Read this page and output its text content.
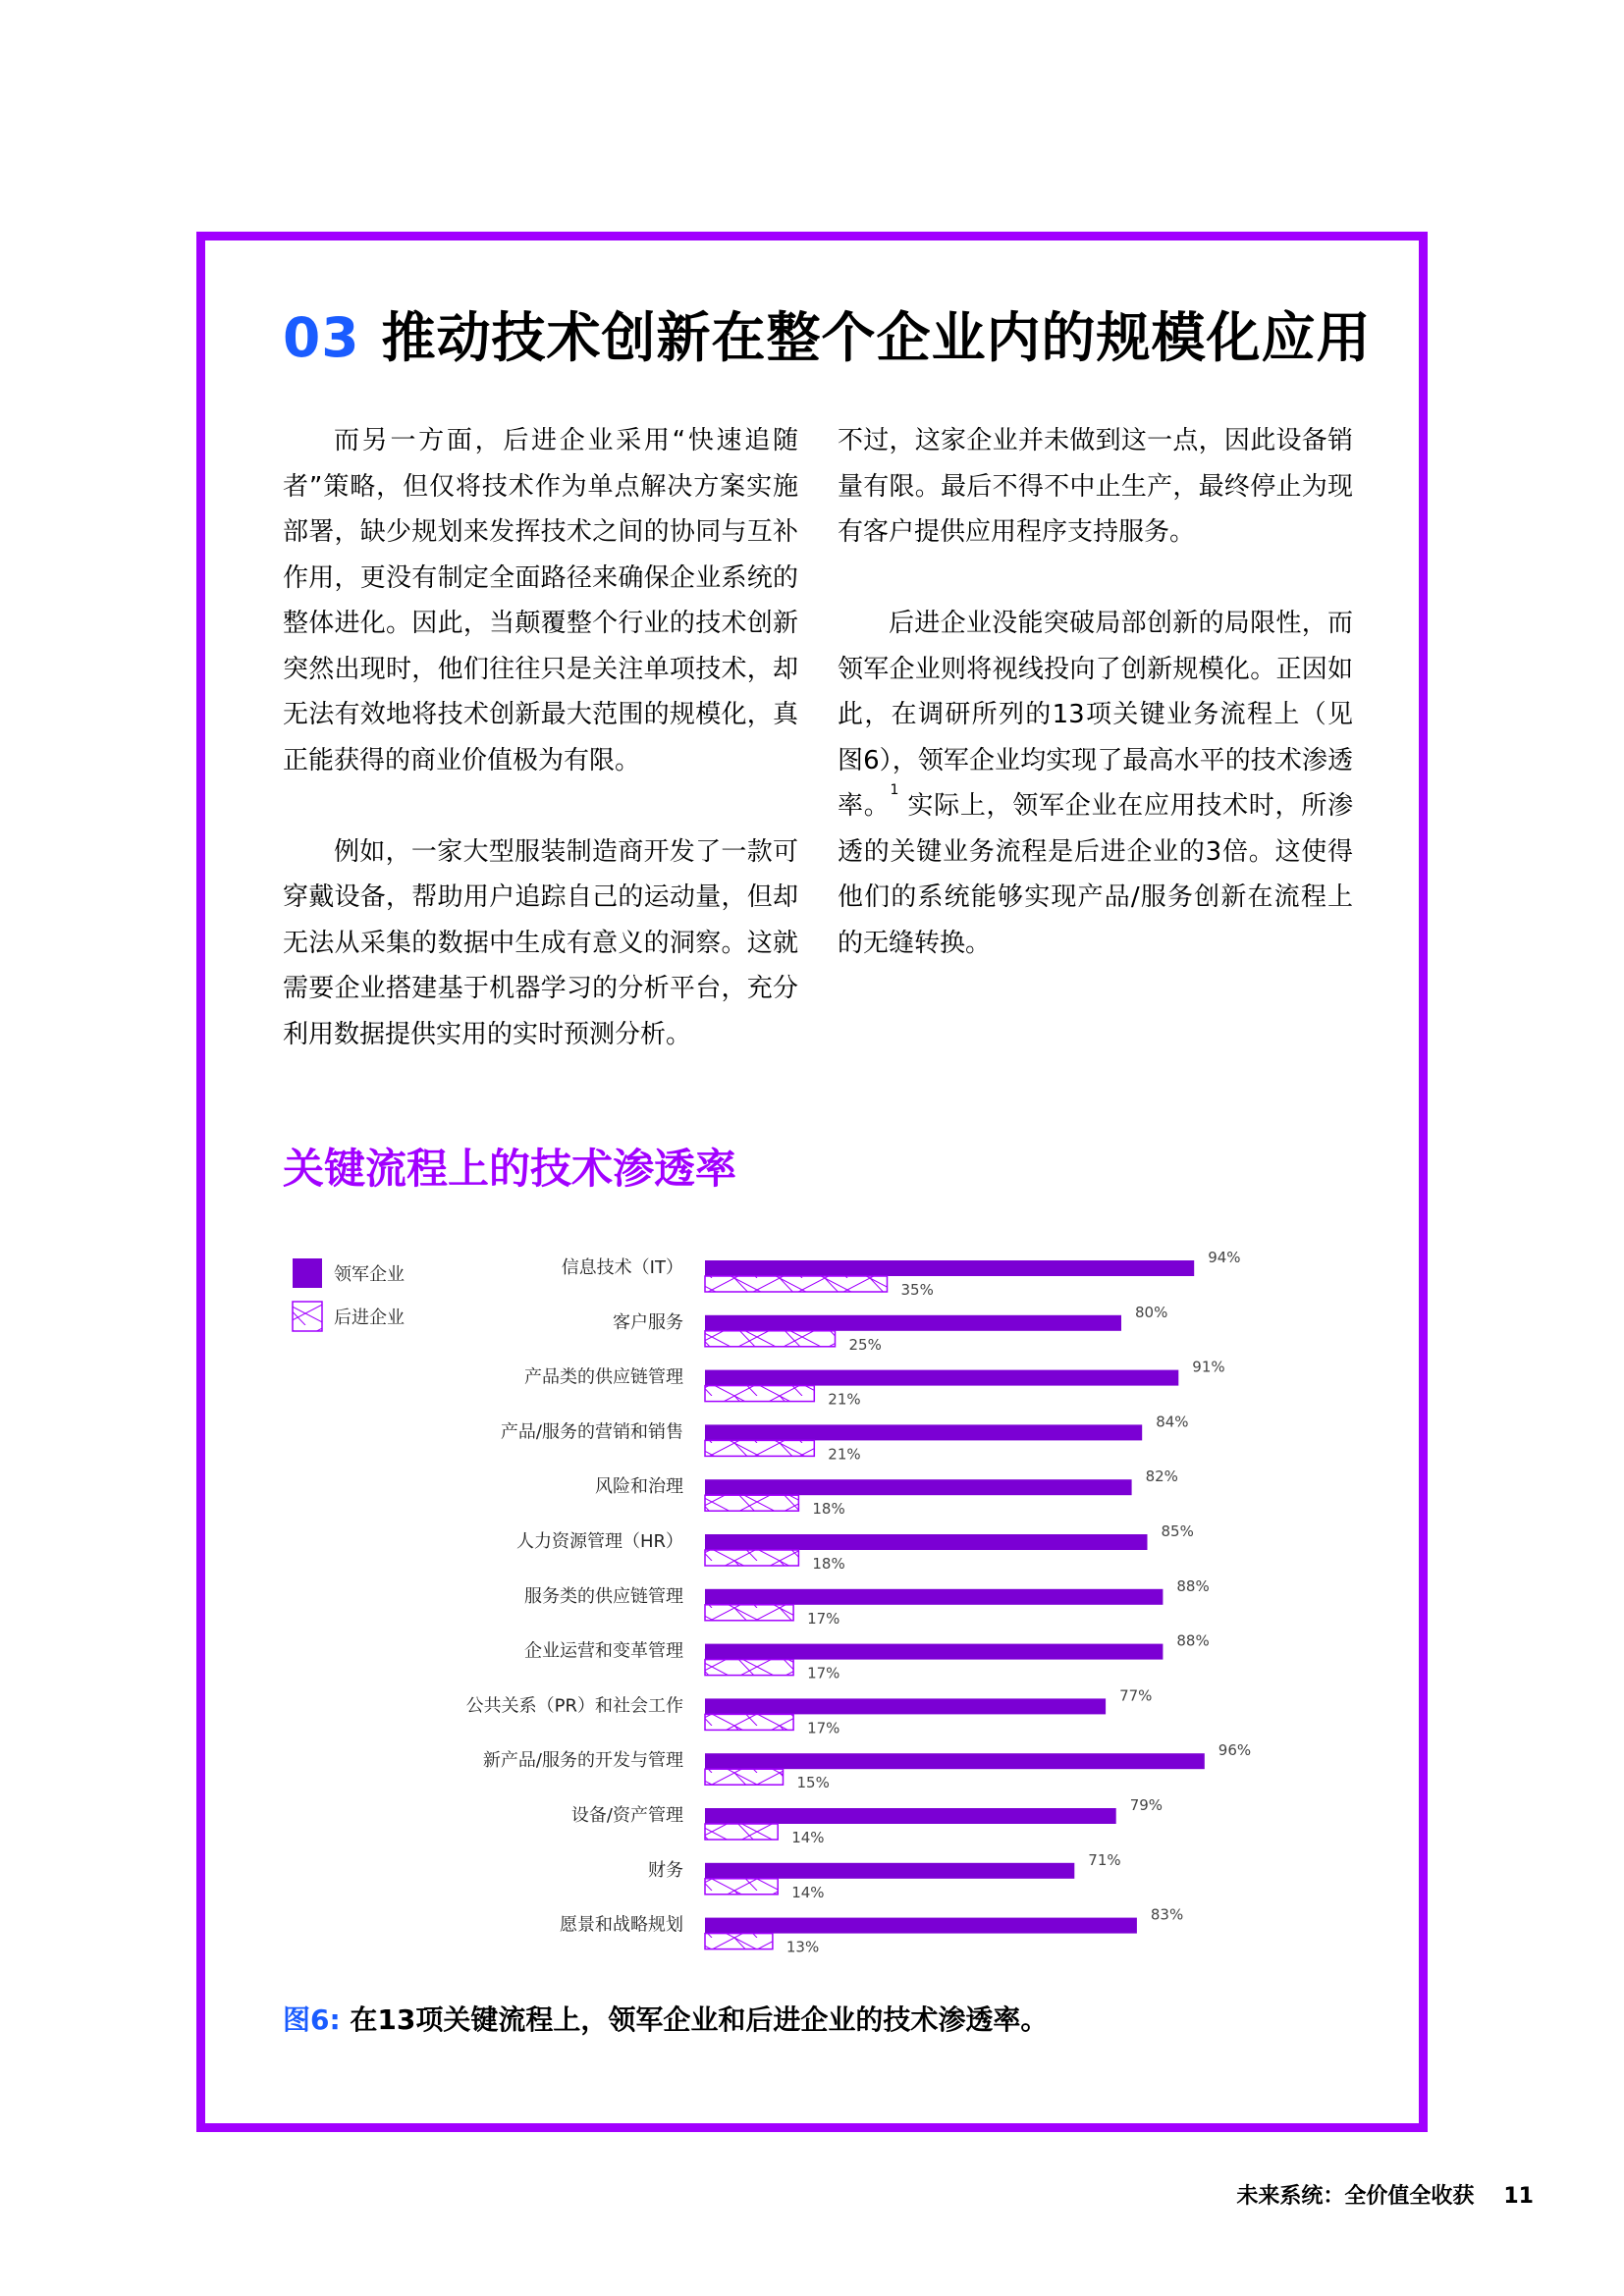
03 推动技术创新在整个企业内的规模化应用

而另一方面，后进企业采用“快速追随者”策略，但仅将技术作为单点解决方案实施部署，缺少规划来发挥技术之间的协同与互补作用，更没有制定全面路径来确保企业系统的整体进化。因此，当颠覆整个行业的技术创新突然出现时，他们往往只是关注单项技术，却无法有效地将技术创新最大范围的规模化，真正能获得的商业价值极为有限。

例如，一家大型服装制造商开发了一款可穿戴设备，帮助用户追踪自己的运动量，但却无法从采集的数据中生成有意义的洞察。这就需要企业搭建基于机器学习的分析平台，充分利用数据提供实用的实时预测分析。

不过，这家企业并未做到这一点，因此设备销量有限。最后不得不中止生产，最终停止为现有客户提供应用程序支持服务。

后进企业没能突破局部创新的局限性，而领军企业则将视线投向了创新规模化。正因如此，在调研所列的13项关键业务流程上（见图6），领军企业均实现了最高水平的技术渗透率。$^1$ 实际上，领军企业在应用技术时，所渗透的关键业务流程是后进企业的3倍。这使得他们的系统能够实现产品/服务创新在流程上的无缝转换。

关键流程上的技术渗透率
领军企业
后进企业
信息技术（IT）	94%
35%
客户服务	80%
25%
产品类的供应链管理	91%
21%
产品/服务的营销和销售	84%
21%
风险和治理	82%
18%
人力资源管理（HR）	85%
18%
服务类的供应链管理	88%
17%
企业运营和变革管理	88%
17%
公共关系（PR）和社会工作	77%
17%
新产品/服务的开发与管理	96%
15%
设备/资产管理	79%
14%
财务	71%
14%
愿景和战略规划	83%
13%

图6: 在13项关键流程上，领军企业和后进企业的技术渗透率。

未来系统：全价值全收获 11
